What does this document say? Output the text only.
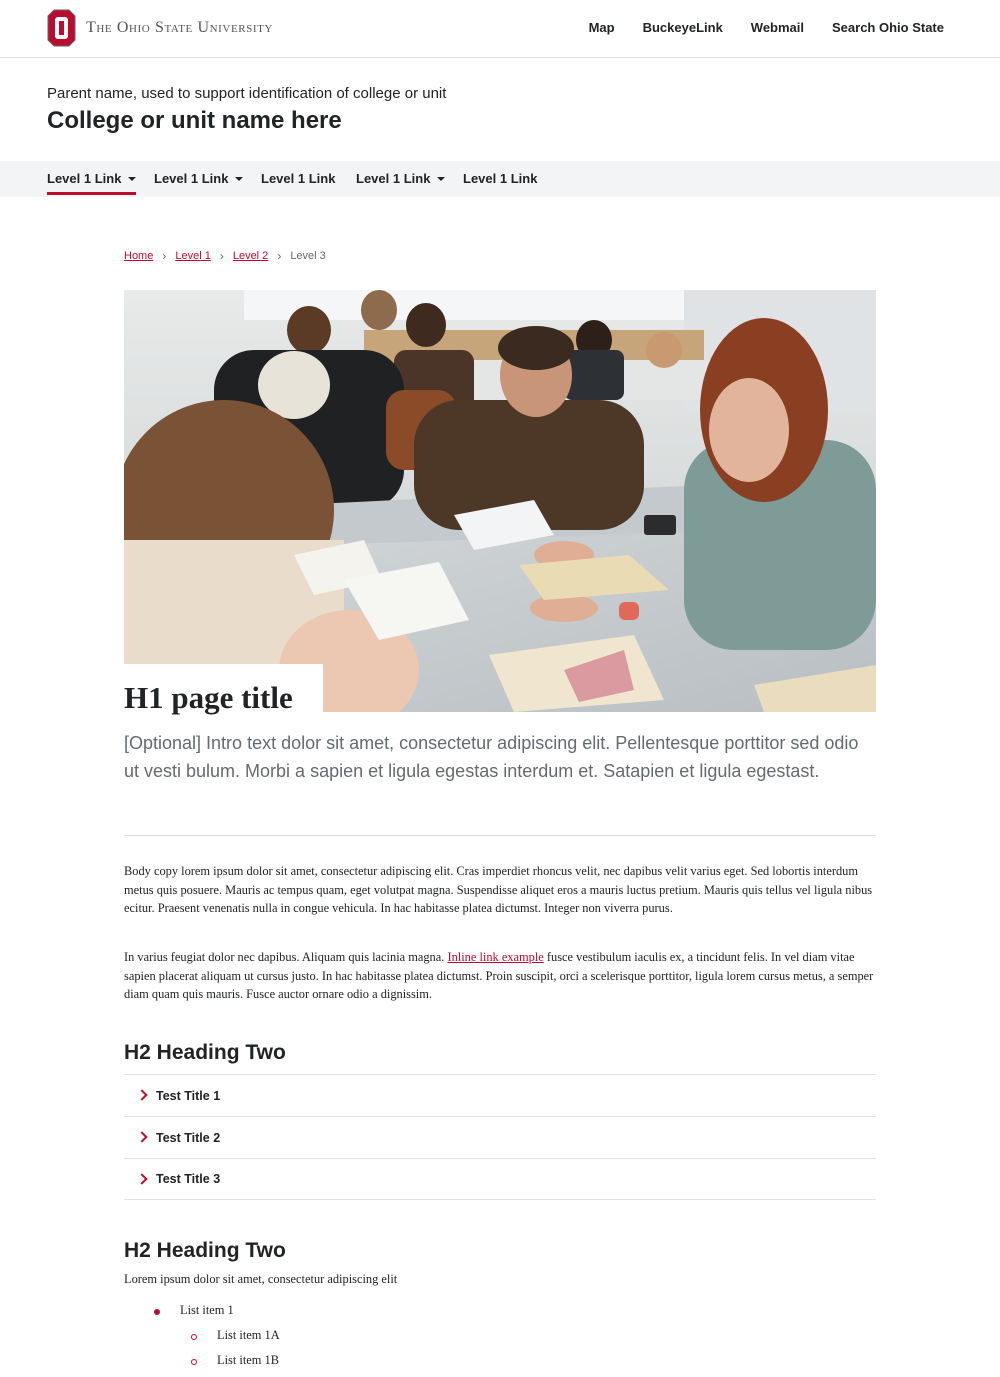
The Ohio State University	Map BuckeyeLink Webmail Search Ohio State
Parent name, used to support identification of college or unit
College or unit name here
Level 1 Link	Level 1 Link	Level 1 Link Level 1 Link	Level 1 Link
Home › Level 1 › Level 2 › Level 3
H1 page title

[Optional] Intro text dolor sit amet, consectetur adipiscing elit. Pellentesque porttitor sed odio ut vesti bulum. Morbi a sapien et ligula egestas interdum et. Satapien et ligula egestast.

Body copy lorem ipsum dolor sit amet, consectetur adipiscing elit. Cras imperdiet rhoncus velit, nec dapibus velit varius eget. Sed lobortis interdum metus quis posuere. Mauris ac tempus quam, eget volutpat magna. Suspendisse aliquet eros a mauris luctus pretium. Mauris quis tellus vel ligula nibus ecitur. Praesent venenatis nulla in congue vehicula. In hac habitasse platea dictumst. Integer non viverra purus.

In varius feugiat dolor nec dapibus. Aliquam quis lacinia magna. Inline link example fusce vestibulum iaculis ex, a tincidunt felis. In vel diam vitae sapien placerat aliquam ut cursus justo. In hac habitasse platea dictumst. Proin suscipit, orci a scelerisque porttitor, ligula lorem cursus metus, a semper diam quam quis mauris. Fusce auctor ornare odio a dignissim.

H2 Heading Two
Test Title 1
Test Title 2
Test Title 3
H2 Heading Two

Lorem ipsum dolor sit amet, consectetur adipiscing elit

List item 1
List item 1A
List item 1B
